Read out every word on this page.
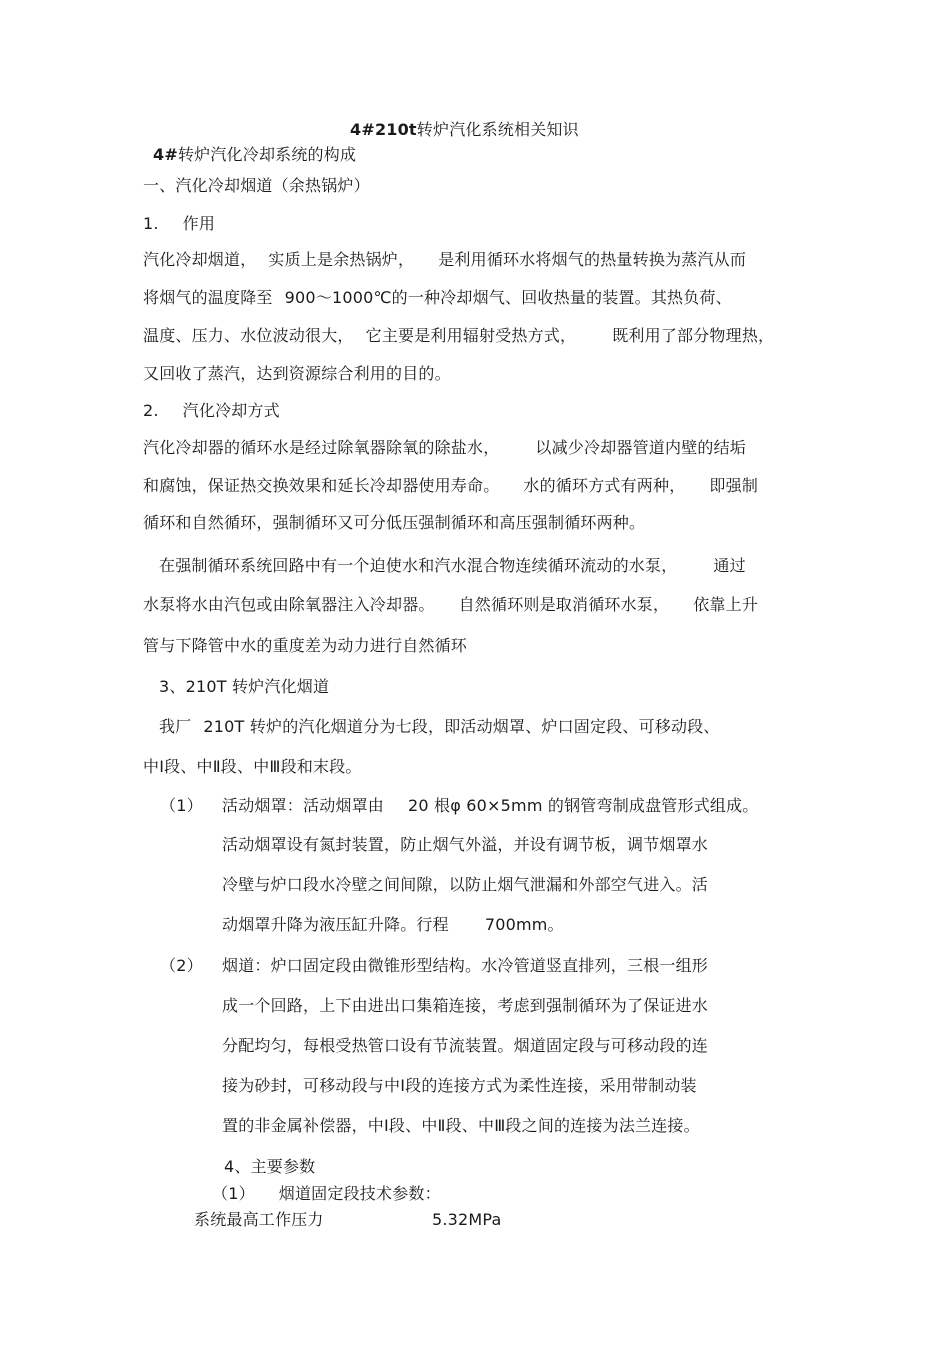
4#210t转炉汽化系统相关知识
4#转炉汽化冷却系统的构成
一、汽化冷却烟道（余热锅炉）
1. 作用
汽化冷却烟道， 实质上是余热锅炉， 是利用循环水将烟气的热量转换为蒸汽从而
将烟气的温度降至 900～1000℃的一种冷却烟气、回收热量的装置。其热负荷、
温度、压力、水位波动很大， 它主要是利用辐射受热方式， 既利用了部分物理热，
又回收了蒸汽，达到资源综合利用的目的。
2. 汽化冷却方式
汽化冷却器的循环水是经过除氧器除氧的除盐水， 以减少冷却器管道内壁的结垢
和腐蚀，保证热交换效果和延长冷却器使用寿命。 水的循环方式有两种， 即强制
循环和自然循环，强制循环又可分低压强制循环和高压强制循环两种。
在强制循环系统回路中有一个迫使水和汽水混合物连续循环流动的水泵， 通过
水泵将水由汽包或由除氧器注入冷却器。 自然循环则是取消循环水泵， 依靠上升
管与下降管中水的重度差为动力进行自然循环
3、210T 转炉汽化烟道
我厂 210T 转炉的汽化烟道分为七段，即活动烟罩、炉口固定段、可移动段、
中Ⅰ段、中Ⅱ段、中Ⅲ段和末段。
（1） 活动烟罩：活动烟罩由 20 根φ 60×5mm 的钢管弯制成盘管形式组成。
活动烟罩设有氮封装置，防止烟气外溢，并设有调节板，调节烟罩水
冷壁与炉口段水冷壁之间间隙，以防止烟气泄漏和外部空气进入。活
动烟罩升降为液压缸升降。行程 700mm。
（2） 烟道：炉口固定段由微锥形型结构。水冷管道竖直排列，三根一组形
成一个回路，上下由进出口集箱连接，考虑到强制循环为了保证进水
分配均匀，每根受热管口设有节流装置。烟道固定段与可移动段的连
接为砂封，可移动段与中Ⅰ段的连接方式为柔性连接，采用带制动装
置的非金属补偿器，中Ⅰ段、中Ⅱ段、中Ⅲ段之间的连接为法兰连接。
4、主要参数
（1） 烟道固定段技术参数：
系统最高工作压力	5.32MPa
